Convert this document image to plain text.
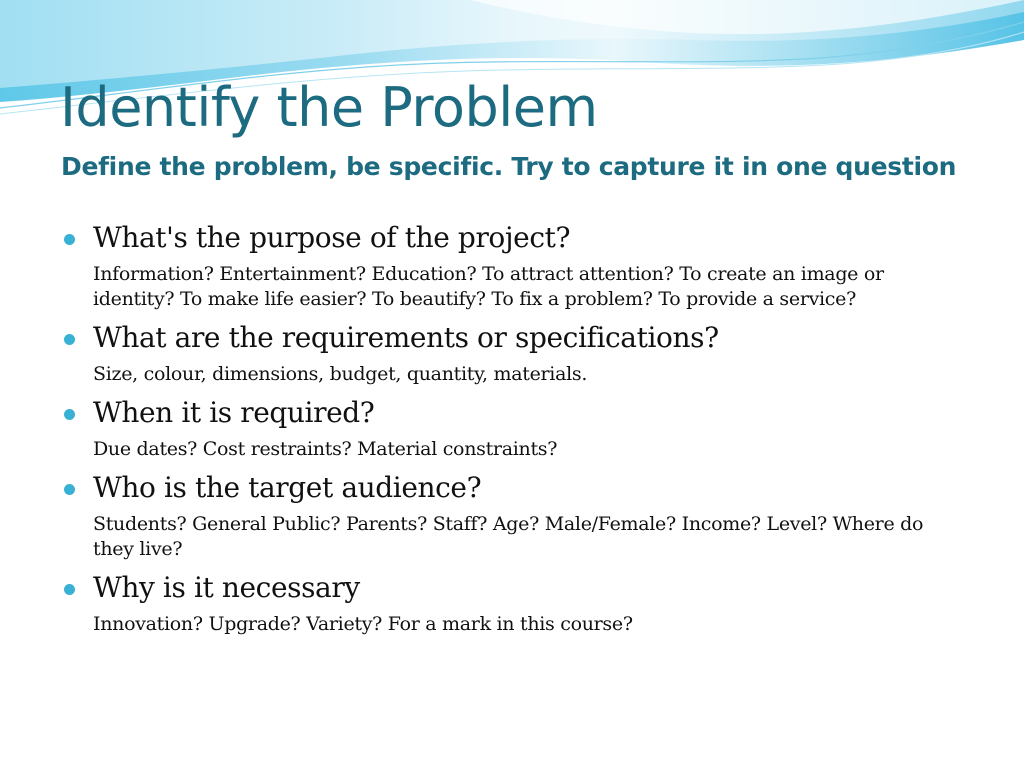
Identify the Problem
Define the problem, be specific. Try to capture it in one question
What's the purpose of the project?
Information? Entertainment? Education? To attract attention? To create an image or identity? To make life easier? To beautify? To fix a problem? To provide a service?
What are the requirements or specifications?
Size, colour, dimensions, budget, quantity, materials.
When it is required?
Due dates? Cost restraints? Material constraints?
Who is the target audience?
Students? General Public? Parents? Staff? Age? Male/Female? Income? Level? Where do they live?
Why is it necessary
Innovation? Upgrade? Variety? For a mark in this course?
